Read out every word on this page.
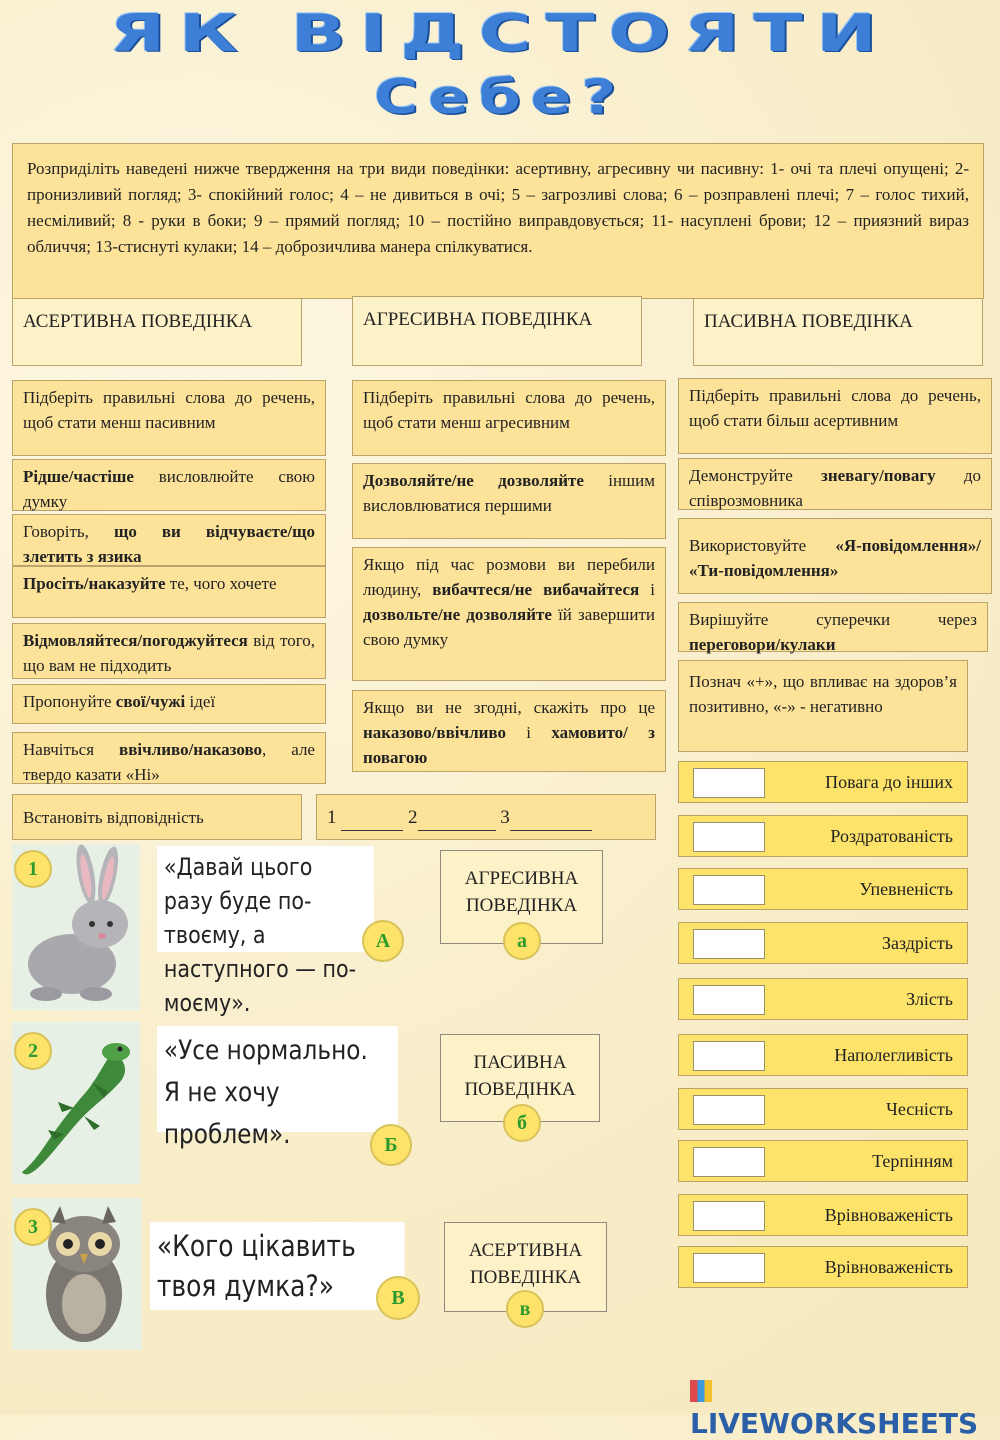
ЯК ВІДСТОЯТИ
Себе?
Розприділіть наведені нижче твердження на три види поведінки: асертивну, агресивну чи пасивну: 1- очі та плечі опущені; 2- пронизливий погляд; 3- спокійний голос; 4 – не дивиться в очі; 5 – загрозливі слова; 6 – розправлені плечі; 7 – голос тихий, несміливий; 8 - руки в боки; 9 – прямий погляд; 10 – постійно виправдовується; 11- насуплені брови; 12 – приязний вираз обличчя; 13-стиснуті кулаки; 14 – доброзичлива манера спілкуватися.
АСЕРТИВНА ПОВЕДІНКА	АГРЕСИВНА ПОВЕДІНКА	ПАСИВНА ПОВЕДІНКА
Підберіть правильні слова до речень, щоб стати менш пасивним
Рідше/частіше висловлюйте свою думку
Говоріть, що ви відчуваєте/що злетить з язика
Просіть/наказуйте те, чого хочете
Відмовляйтеся/погоджуйтеся від того, що вам не підходить
Пропонуйте свої/чужі ідеї
Навчіться ввічливо/наказово, але твердо казати «Ні»
Підберіть правильні слова до речень, щоб стати менш агресивним
Дозволяйте/не дозволяйте іншим висловлюватися першими
Якщо під час розмови ви перебили людину, вибачтеся/не вибачайтеся і дозвольте/не дозволяйте їй завершити свою думку
Якщо ви не згодні, скажіть про це наказово/ввічливо і хамовито/ з повагою
Підберіть правильні слова до речень, щоб стати більш асертивним
Демонструйте зневагу/повагу до співрозмовника
Використовуйте «Я-повідомлення»/ «Ти-повідомлення»
Вирішуйте суперечки через переговори/кулаки
Познач «+», що впливає на здоров’я позитивно, «-» - негативно
Встановіть відповідність	1	2	3
1	«Давай цього разу буде по-твоєму, а наступного — по-моєму».
А
2	«Усе нормально. Я не хочу проблем».	Б
3
«Кого цікавить твоя думка?»	В
АГРЕСИВНА ПОВЕДІНКА
а
ПАСИВНА ПОВЕДІНКА
б
АСЕРТИВНА ПОВЕДІНКА
в
Повага до інших
Роздратованість
Упевненість
Заздрість
Злість
Наполегливість
Чесність
Терпінням
Врівноваженість
Врівноваженість
LIVEWORKSHEETS
